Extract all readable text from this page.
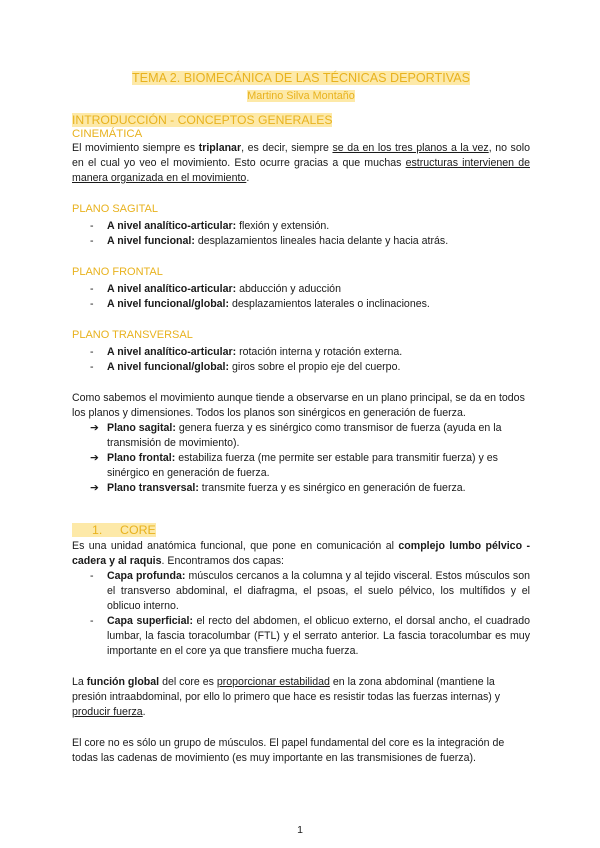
TEMA 2. BIOMECÁNICA DE LAS TÉCNICAS DEPORTIVAS

Martino Silva Montaño

INTRODUCCIÓN - CONCEPTOS GENERALES

CINEMÁTICA

El movimiento siempre es triplanar, es decir, siempre se da en los tres planos a la vez, no solo en el cual yo veo el movimiento. Esto ocurre gracias a que muchas estructuras intervienen de manera organizada en el movimiento.

PLANO SAGITAL

- A nivel analítico-articular: flexión y extensión.
- A nivel funcional: desplazamientos lineales hacia delante y hacia atrás.

PLANO FRONTAL

- A nivel analítico-articular: abducción y aducción
- A nivel funcional/global: desplazamientos laterales o inclinaciones.

PLANO TRANSVERSAL

- A nivel analítico-articular: rotación interna y rotación externa.
- A nivel funcional/global: giros sobre el propio eje del cuerpo.

Como sabemos el movimiento aunque tiende a observarse en un plano principal, se da en todos los planos y dimensiones. Todos los planos son sinérgicos en generación de fuerza.

➔ Plano sagital: genera fuerza y es sinérgico como transmisor de fuerza (ayuda en la transmisión de movimiento).
➔ Plano frontal: estabiliza fuerza (me permite ser estable para transmitir fuerza) y es sinérgico en generación de fuerza.
➔ Plano transversal: transmite fuerza y es sinérgico en generación de fuerza.

1. CORE

Es una unidad anatómica funcional, que pone en comunicación al complejo lumbo pélvico - cadera y al raquis. Encontramos dos capas:

- Capa profunda: músculos cercanos a la columna y al tejido visceral. Estos músculos son el transverso abdominal, el diafragma, el psoas, el suelo pélvico, los multífidos y el oblicuo interno.
- Capa superficial: el recto del abdomen, el oblicuo externo, el dorsal ancho, el cuadrado lumbar, la fascia toracolumbar (FTL) y el serrato anterior. La fascia toracolumbar es muy importante en el core ya que transfiere mucha fuerza.

La función global del core es proporcionar estabilidad en la zona abdominal (mantiene la presión intraabdominal, por ello lo primero que hace es resistir todas las fuerzas internas) y producir fuerza.

El core no es sólo un grupo de músculos. El papel fundamental del core es la integración de todas las cadenas de movimiento (es muy importante en las transmisiones de fuerza).

1
